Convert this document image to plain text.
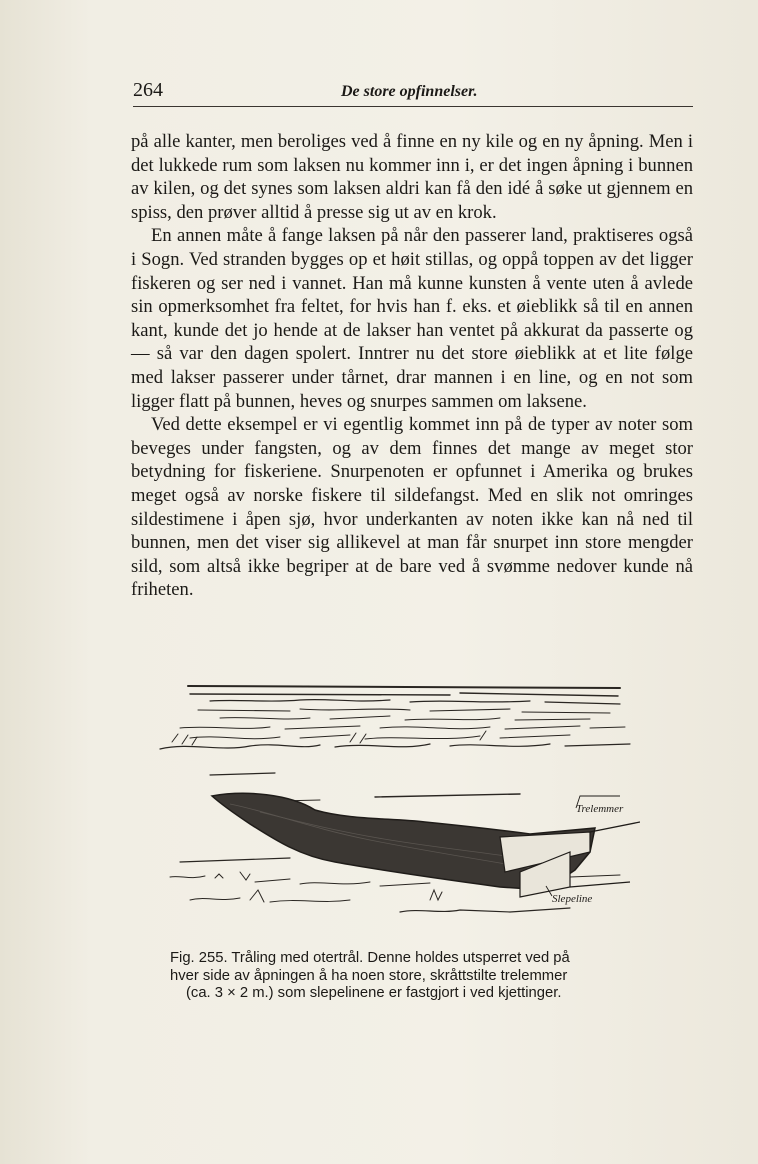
264	De store opfinnelser.

på alle kanter, men beroliges ved å finne en ny kile og en ny åpning. Men i det lukkede rum som laksen nu kommer inn i, er det ingen åpning i bunnen av kilen, og det synes som laksen aldri kan få den idé å søke ut gjennem en spiss, den prøver alltid å presse sig ut av en krok.

En annen måte å fange laksen på når den passerer land, praktiseres også i Sogn. Ved stranden bygges op et høit stillas, og oppå toppen av det ligger fiskeren og ser ned i vannet. Han må kunne kunsten å vente uten å avlede sin opmerksomhet fra feltet, for hvis han f. eks. et øieblikk så til en annen kant, kunde det jo hende at de lakser han ventet på akkurat da passerte og — så var den dagen spolert. Inntrer nu det store øieblikk at et lite følge med lakser passerer under tårnet, drar mannen i en line, og en not som ligger flatt på bunnen, heves og snurpes sammen om laksene.

Ved dette eksempel er vi egentlig kommet inn på de typer av noter som beveges under fangsten, og av dem finnes det mange av meget stor betydning for fiskeriene. Snurpenoten er opfunnet i Amerika og brukes meget også av norske fiskere til sildefangst. Med en slik not omringes sildestimene i åpen sjø, hvor underkanten av noten ikke kan nå ned til bunnen, men det viser sig allikevel at man får snurpet inn store mengder sild, som altså ikke begriper at de bare ved å svømme nedover kunde nå friheten.

Trelemmer
Slepeline
Fig. 255. Tråling med otertrål. Denne holdes utsperret ved på
hver side av åpningen å ha noen store, skråttstilte trelemmer
(ca. 3 × 2 m.) som slepelinene er fastgjort i ved kjettinger.
